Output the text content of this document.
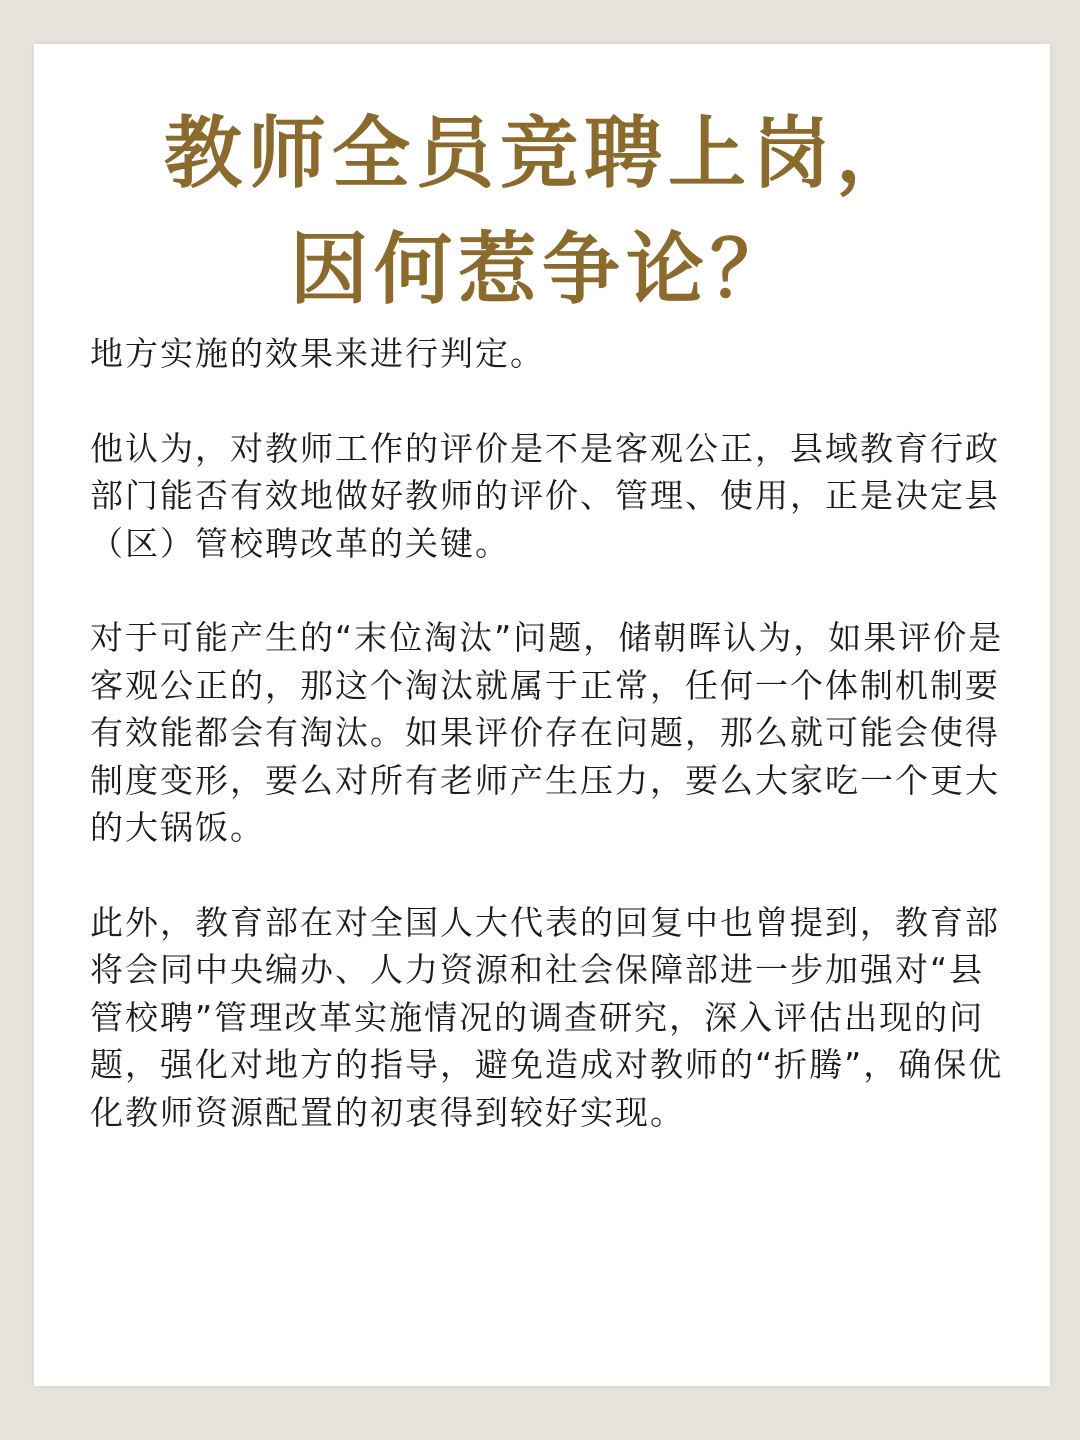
教师全员竞聘上岗，
因何惹争论？

地方实施的效果来进行判定。

他认为，对教师工作的评价是不是客观公正，县域教育行政部门能否有效地做好教师的评价、管理、使用，正是决定县（区）管校聘改革的关键。

对于可能产生的“末位淘汰”问题，储朝晖认为，如果评价是客观公正的，那这个淘汰就属于正常，任何一个体制机制要有效能都会有淘汰。如果评价存在问题，那么就可能会使得制度变形，要么对所有老师产生压力，要么大家吃一个更大的大锅饭。

此外，教育部在对全国人大代表的回复中也曾提到，教育部将会同中央编办、人力资源和社会保障部进一步加强对“县管校聘”管理改革实施情况的调查研究，深入评估出现的问题，强化对地方的指导，避免造成对教师的“折腾”，确保优化教师资源配置的初衷得到较好实现。
